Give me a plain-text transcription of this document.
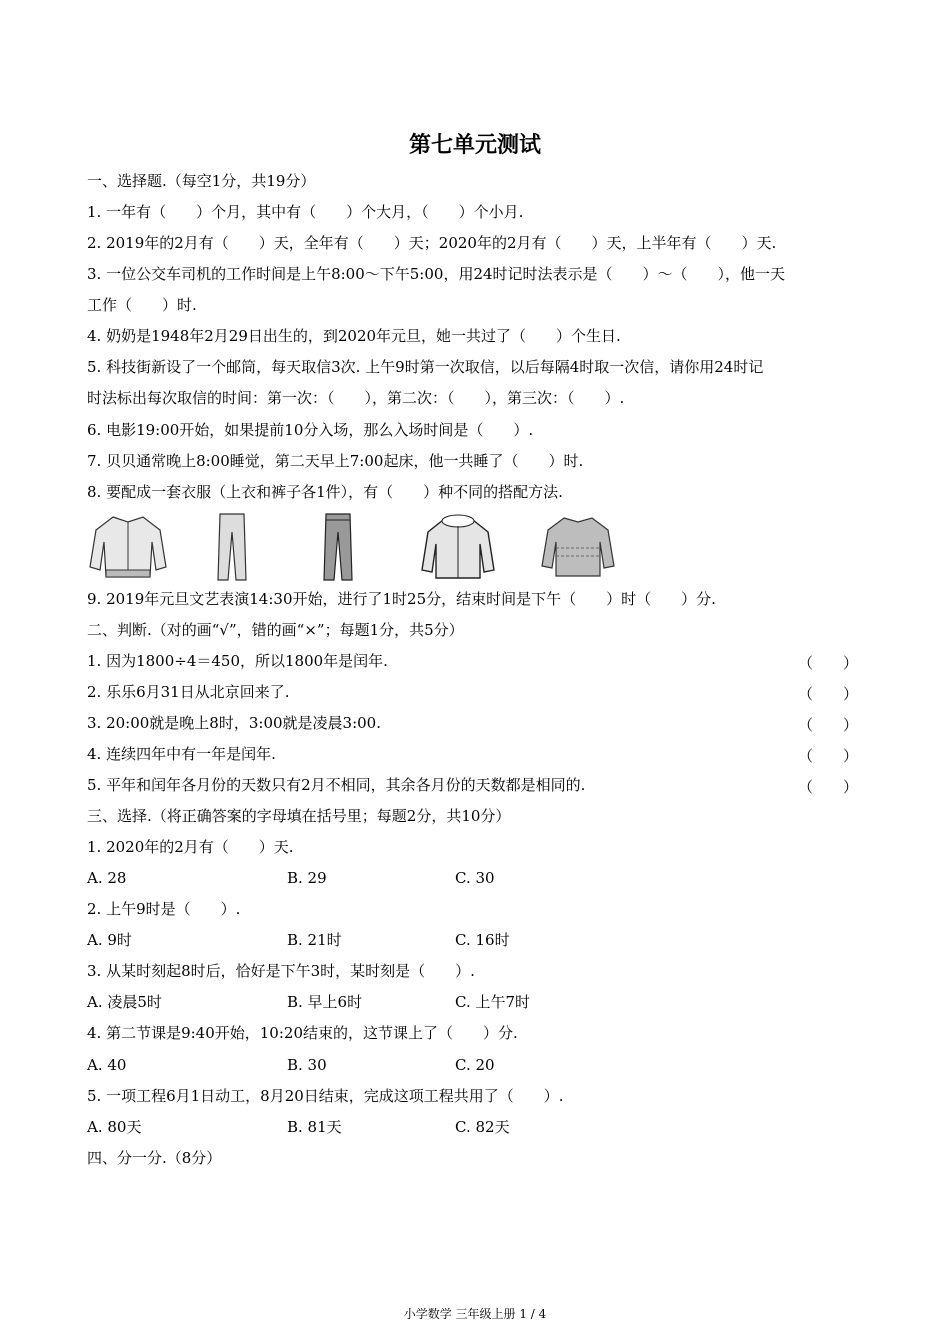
第七单元测试
一、选择题.（每空1分，共19分）
1. 一年有（　　）个月，其中有（　　）个大月，（　　）个小月.
2. 2019年的2月有（　　）天，全年有（　　）天；2020年的2月有（　　）天，上半年有（　　）天.
3. 一位公交车司机的工作时间是上午8:00～下午5:00，用24时记时法表示是（　　）～（　　），他一天
工作（　　）时.
4. 奶奶是1948年2月29日出生的，到2020年元旦，她一共过了（　　）个生日.
5. 科技街新设了一个邮筒，每天取信3次. 上午9时第一次取信，以后每隔4时取一次信，请你用24时记
时法标出每次取信的时间：第一次：（　　），第二次：（　　），第三次：（　　）.
6. 电影19:00开始，如果提前10分入场，那么入场时间是（　　）.
7. 贝贝通常晚上8:00睡觉，第二天早上7:00起床，他一共睡了（　　）时.
8. 要配成一套衣服（上衣和裤子各1件），有（　　）种不同的搭配方法.
9. 2019年元旦文艺表演14:30开始，进行了1时25分，结束时间是下午（　　）时（　　）分.
二、判断.（对的画“√”，错的画“×”；每题1分，共5分）
1. 因为1800÷4＝450，所以1800年是闰年.	（　　）
2. 乐乐6月31日从北京回来了.	（　　）
3. 20:00就是晚上8时，3:00就是凌晨3:00.	（　　）
4. 连续四年中有一年是闰年.	（　　）
5. 平年和闰年各月份的天数只有2月不相同，其余各月份的天数都是相同的.	（　　）
三、选择.（将正确答案的字母填在括号里；每题2分，共10分）
1. 2020年的2月有（　　）天.
A. 28	B. 29	C. 30
2. 上午9时是（　　）.
A. 9时	B. 21时	C. 16时
3. 从某时刻起8时后，恰好是下午3时，某时刻是（　　）.
A. 凌晨5时	B. 早上6时	C. 上午7时
4. 第二节课是9:40开始，10:20结束的，这节课上了（　　）分.
A. 40	B. 30	C. 20
5. 一项工程6月1日动工，8月20日结束，完成这项工程共用了（　　）.
A. 80天	B. 81天	C. 82天
四、分一分.（8分）
小学数学 三年级上册 1 / 4
